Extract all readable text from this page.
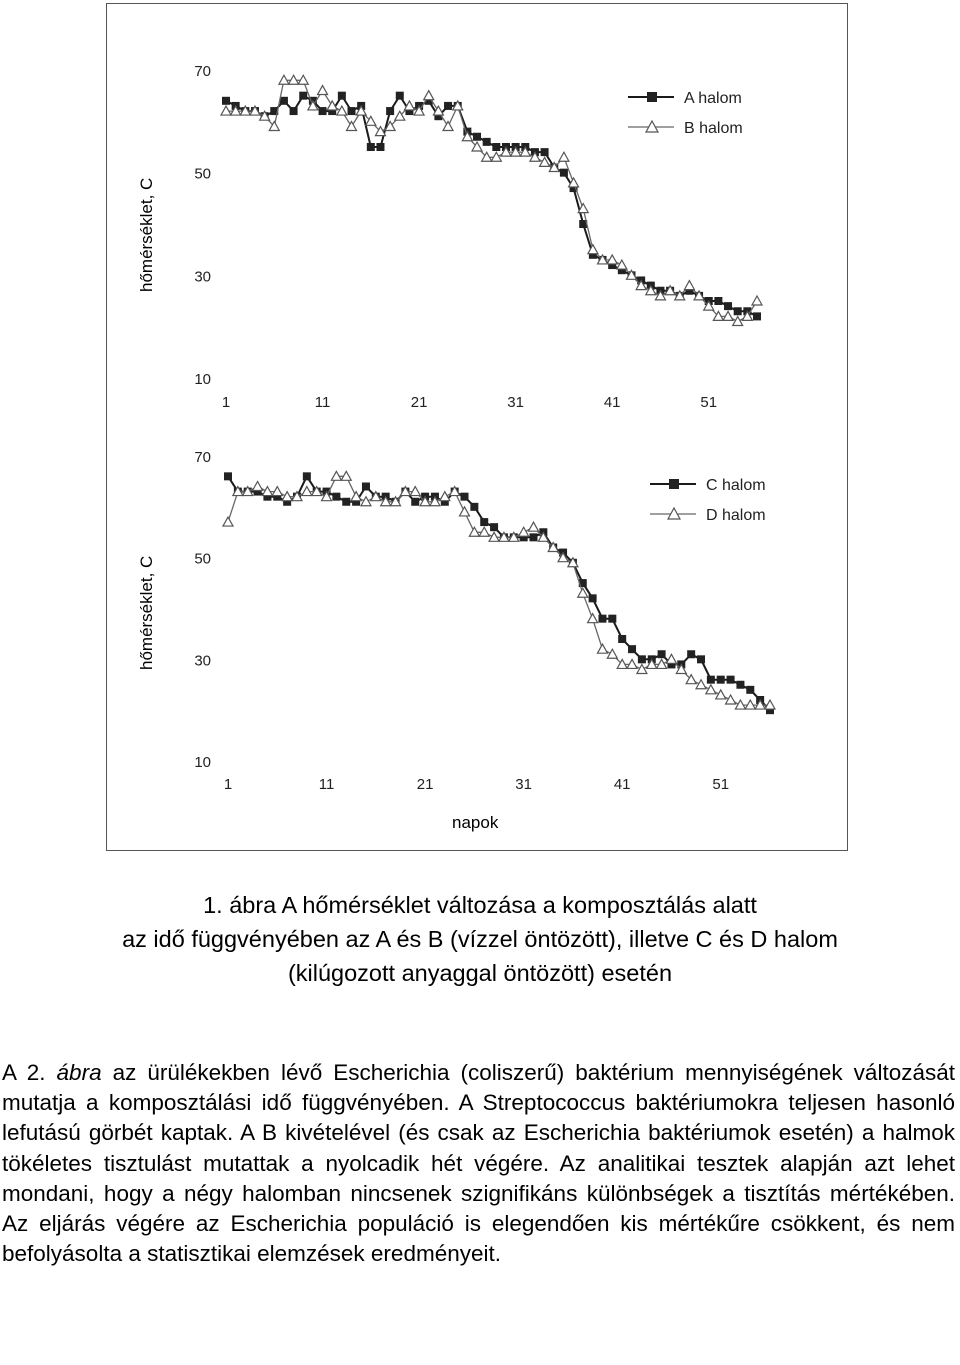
10
30
50
70
1	11	21	31	41	51
A halom
B halom
10
30
50
70
1	11	21	31	41	51
C halom
D halom
hőmérséklet, C
hőmérséklet, C
napok
1. ábra A hőmérséklet változása a komposztálás alatt
az idő függvényében az A és B (vízzel öntözött), illetve C és D halom
(kilúgozott anyaggal öntözött) esetén

A 2. ábra az ürülékekben lévő Escherichia (coliszerű) baktérium mennyiségének változását mutatja a komposztálási idő függvényében. A Streptococcus baktériumokra teljesen hasonló lefutású görbét kaptak. A B kivételével (és csak az Escherichia baktériumok esetén) a halmok tökéletes tisztulást mutattak a nyolcadik hét végére. Az analitikai tesztek alapján azt lehet mondani, hogy a négy halomban nincsenek szignifikáns különbségek a tisztítás mértékében. Az eljárás végére az Escherichia populáció is elegendően kis mértékűre csökkent, és nem befolyásolta a statisztikai elemzések eredményeit.
